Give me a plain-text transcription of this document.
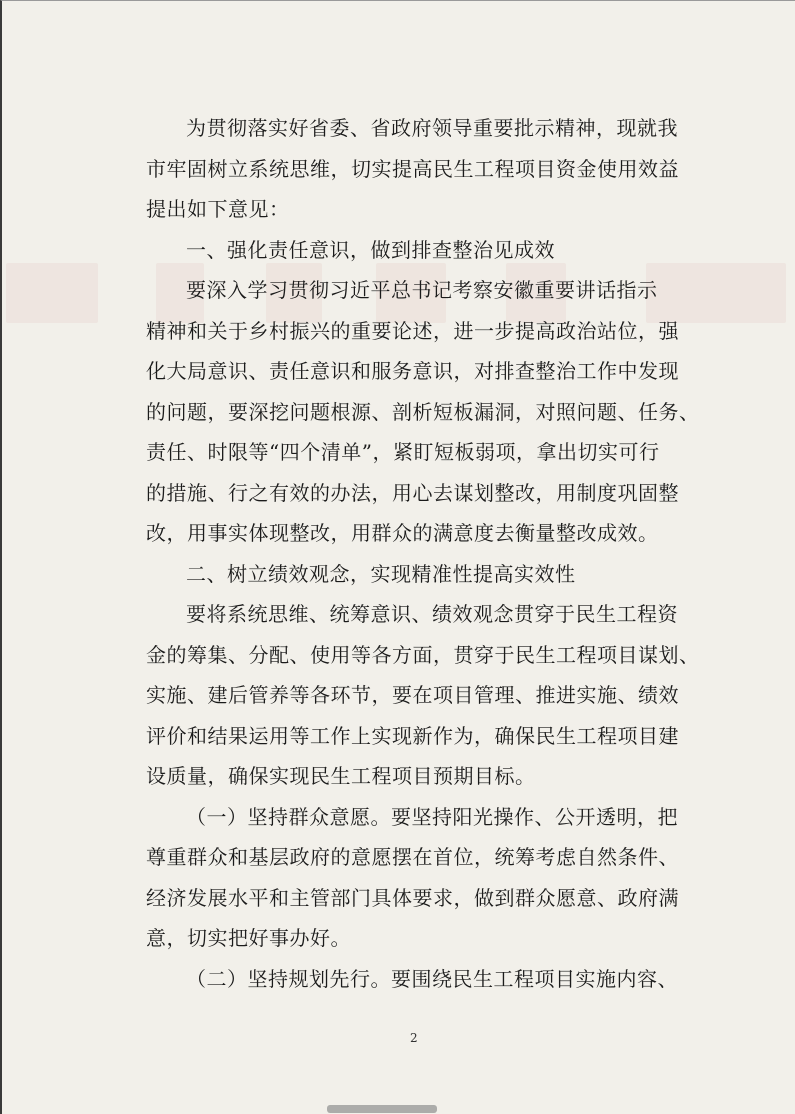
为贯彻落实好省委、省政府领导重要批示精神，现就我
市牢固树立系统思维，切实提高民生工程项目资金使用效益
提出如下意见：
一、强化责任意识，做到排查整治见成效
要深入学习贯彻习近平总书记考察安徽重要讲话指示
精神和关于乡村振兴的重要论述，进一步提高政治站位，强
化大局意识、责任意识和服务意识，对排查整治工作中发现
的问题，要深挖问题根源、剖析短板漏洞，对照问题、任务、
责任、时限等“四个清单”，紧盯短板弱项，拿出切实可行
的措施、行之有效的办法，用心去谋划整改，用制度巩固整
改，用事实体现整改，用群众的满意度去衡量整改成效。
二、树立绩效观念，实现精准性提高实效性
要将系统思维、统筹意识、绩效观念贯穿于民生工程资
金的筹集、分配、使用等各方面，贯穿于民生工程项目谋划、
实施、建后管养等各环节，要在项目管理、推进实施、绩效
评价和结果运用等工作上实现新作为，确保民生工程项目建
设质量，确保实现民生工程项目预期目标。
（一）坚持群众意愿。要坚持阳光操作、公开透明，把
尊重群众和基层政府的意愿摆在首位，统筹考虑自然条件、
经济发展水平和主管部门具体要求，做到群众愿意、政府满
意，切实把好事办好。
（二）坚持规划先行。要围绕民生工程项目实施内容、
2
